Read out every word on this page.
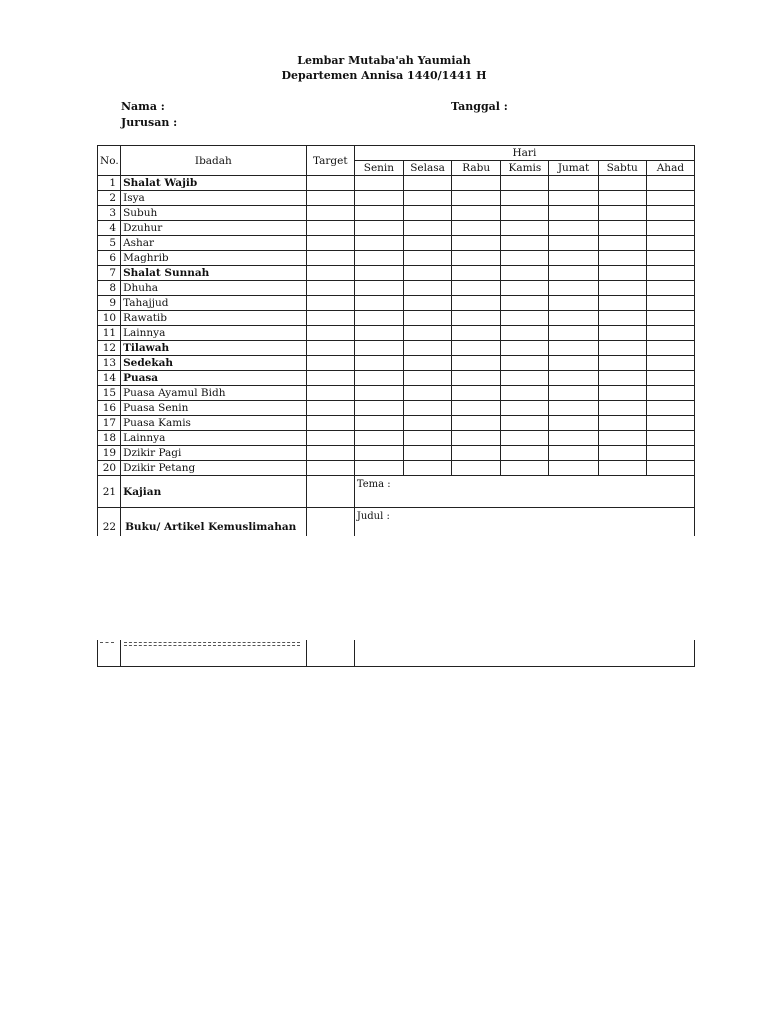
Lembar Mutaba'ah Yaumiah
Departemen Annisa 1440/1441 H
Nama :
Jurusan :
Tanggal :
No.	Ibadah	Target	Hari						
			Senin	Selasa	Rabu	Kamis	Jumat	Sabtu	Ahad
1	Shalat Wajib								
2	Isya								
3	Subuh								
4	Dzuhur								
5	Ashar								
6	Maghrib								
7	Shalat Sunnah								
8	Dhuha								
9	Tahajjud								
10	Rawatib								
11	Lainnya								
12	Tilawah								
13	Sedekah								
14	Puasa								
15	Puasa Ayamul Bidh								
16	Puasa Senin								
17	Puasa Kamis								
18	Lainnya								
19	Dzikir Pagi								
20	Dzikir Petang								
21	Kajian		Tema :						
22	Buku/ Artikel Kemuslimahan		Judul :						
